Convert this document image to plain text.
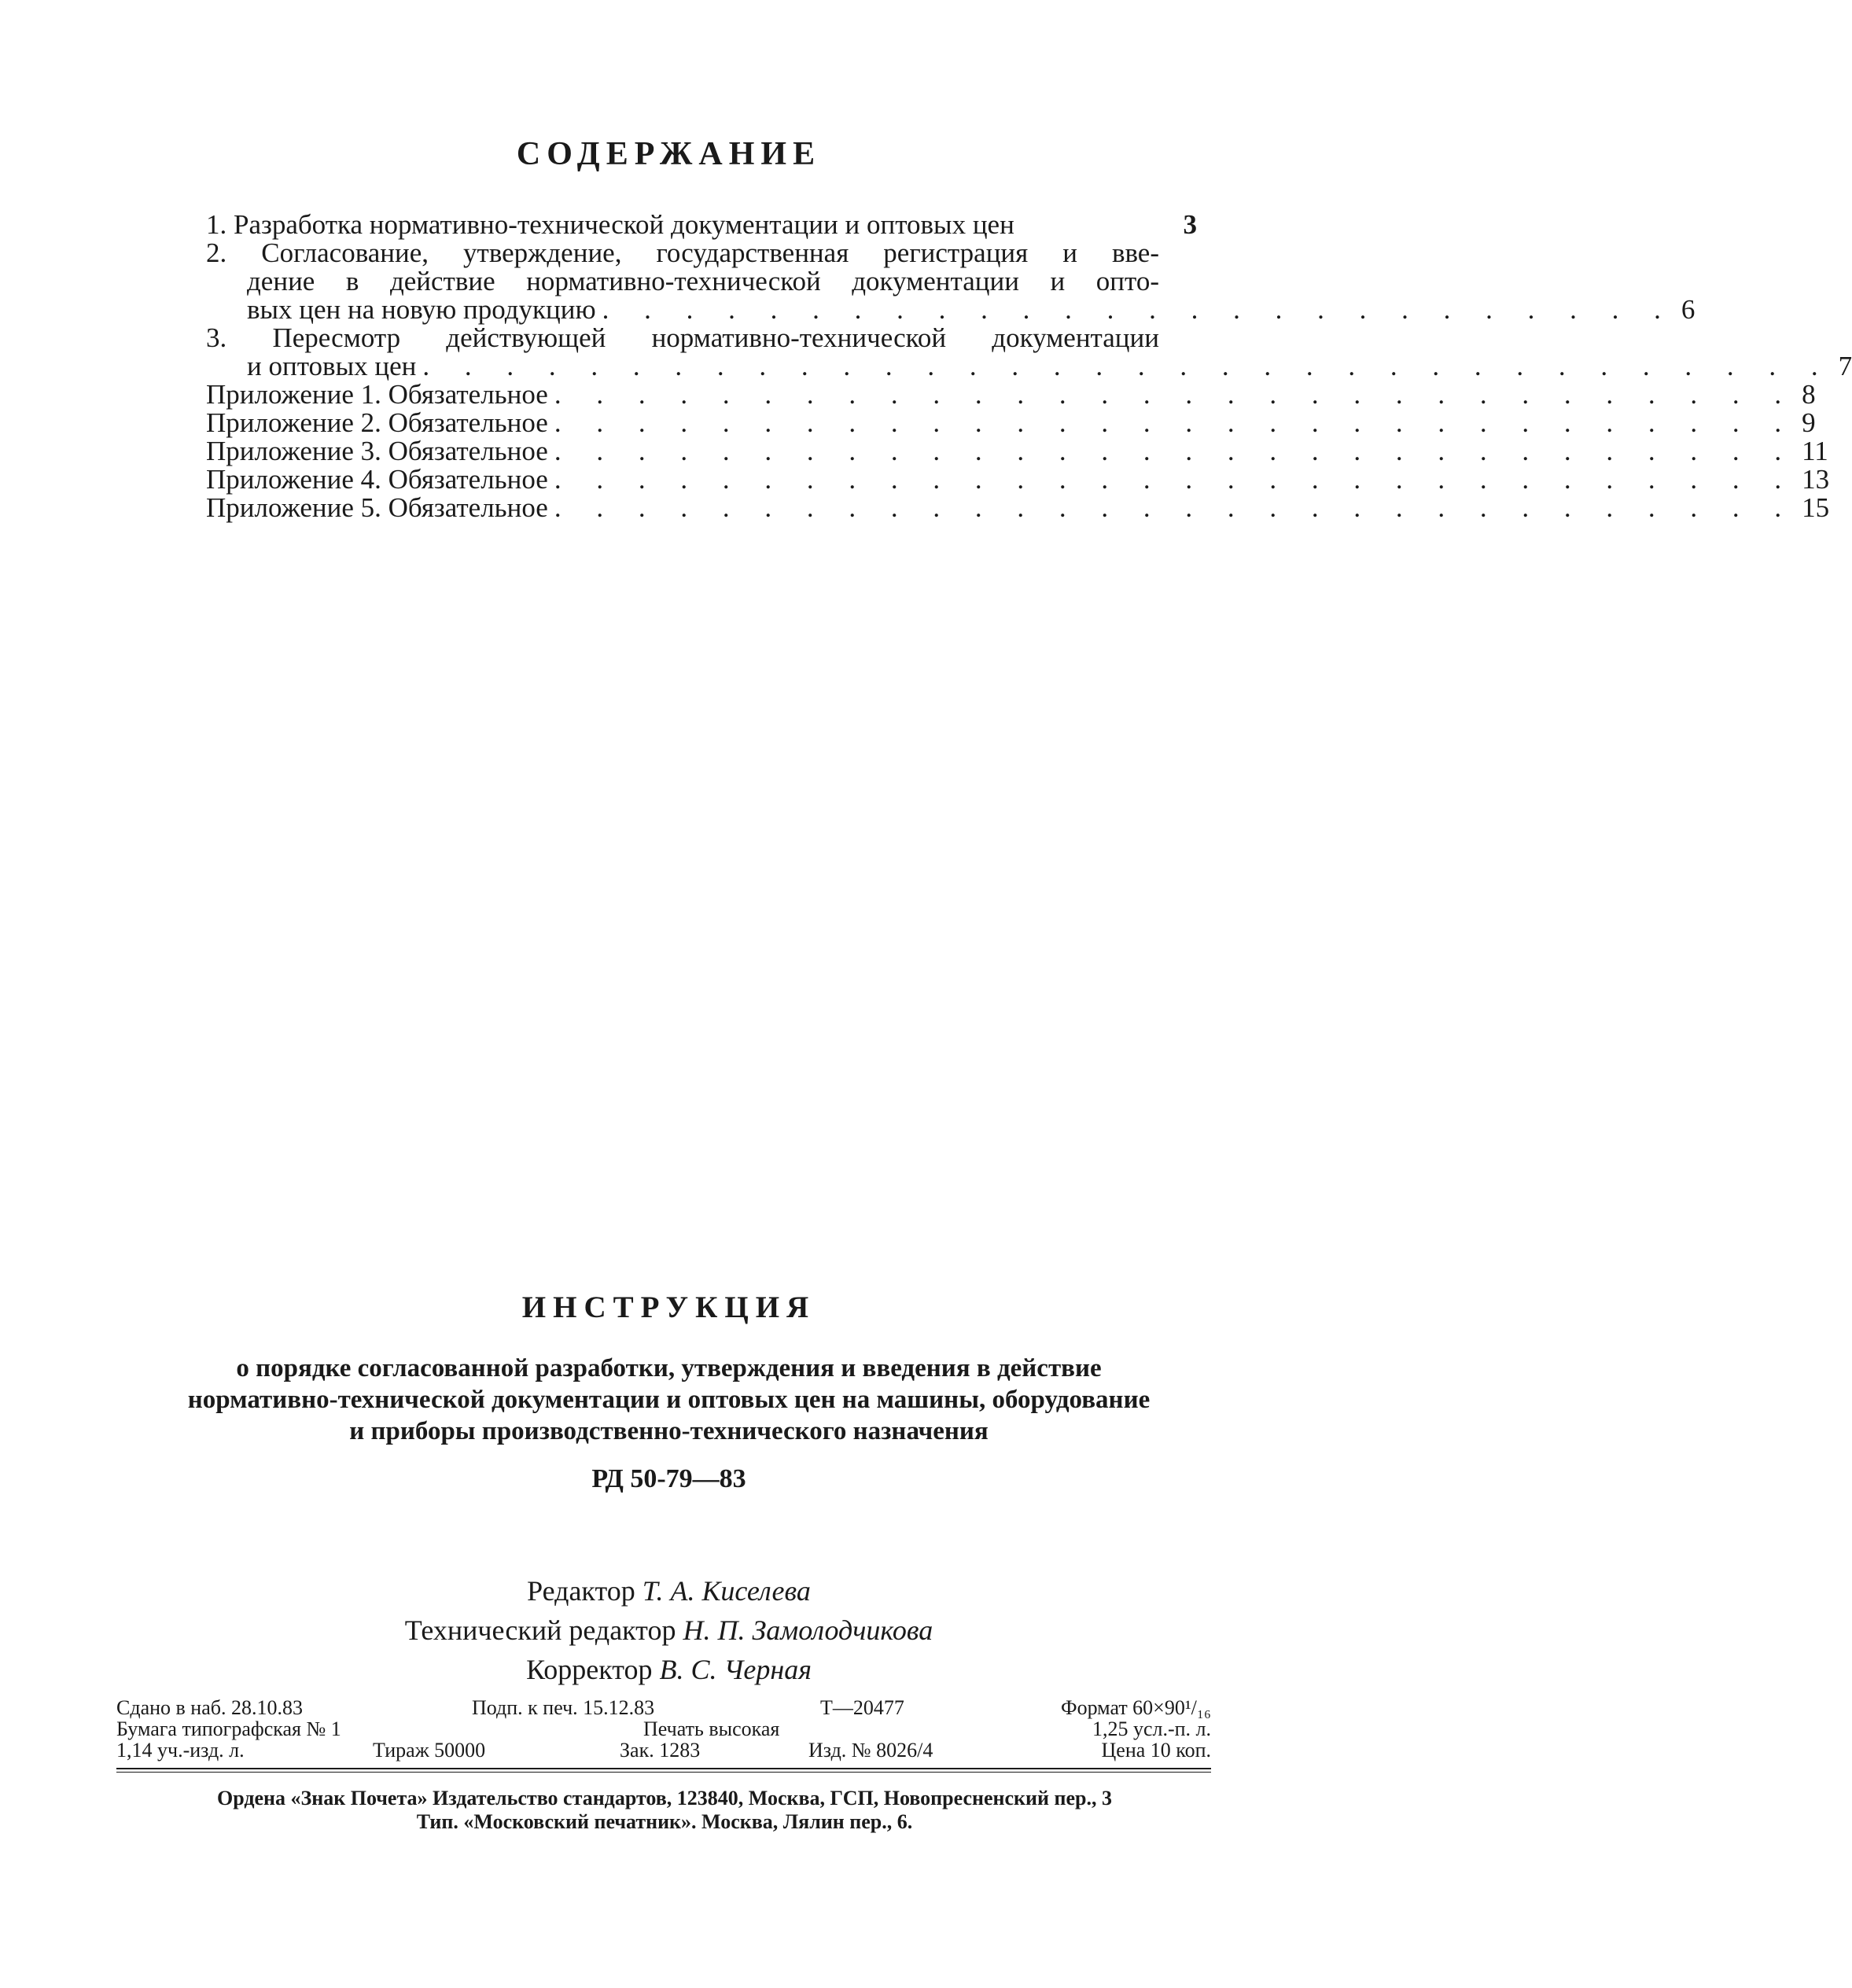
СОДЕРЖАНИЕ
1. Разработка нормативно-технической документации и оптовых цен	3
2. Согласование, утверждение, государственная регистрация и вве-
дение в действие нормативно-технической документации и опто-
вых цен на новую продукцию . . . . . . . . . . . . . . . . . . . . . . . . . . 6
3. Пересмотр действующей нормативно-технической документации
и оптовых цен . . . . . . . . . . . . . . . . . . . . . . . . . . . . . . . . . . 7
Приложение 1. Обязательное . . . . . . . . . . . . . . . . . . . . . . . . . . . . . . 8
Приложение 2. Обязательное . . . . . . . . . . . . . . . . . . . . . . . . . . . . . . 9
Приложение 3. Обязательное . . . . . . . . . . . . . . . . . . . . . . . . . . . . . . 11
Приложение 4. Обязательное . . . . . . . . . . . . . . . . . . . . . . . . . . . . . . 13
Приложение 5. Обязательное . . . . . . . . . . . . . . . . . . . . . . . . . . . . . . 15
ИНСТРУКЦИЯ
о порядке согласованной разработки, утверждения и введения в действие
нормативно-технической документации и оптовых цен на машины, оборудование
и приборы производственно-технического назначения
РД 50-79—83
Редактор Т. А. Киселева
Технический редактор Н. П. Замолодчикова
Корректор В. С. Черная
Сдано в наб. 28.10.83	Подп. к печ. 15.12.83	Т—20477	Формат 60×90¹/₁₆
Бумага типографская № 1	Печать высокая	1,25 усл.-п. л.
1,14 уч.-изд. л.	Тираж 50000	Зак. 1283	Изд. № 8026/4	Цена 10 коп.
Ордена «Знак Почета» Издательство стандартов, 123840, Москва, ГСП, Новопресненский пер., 3
Тип. «Московский печатник». Москва, Лялин пер., 6.
